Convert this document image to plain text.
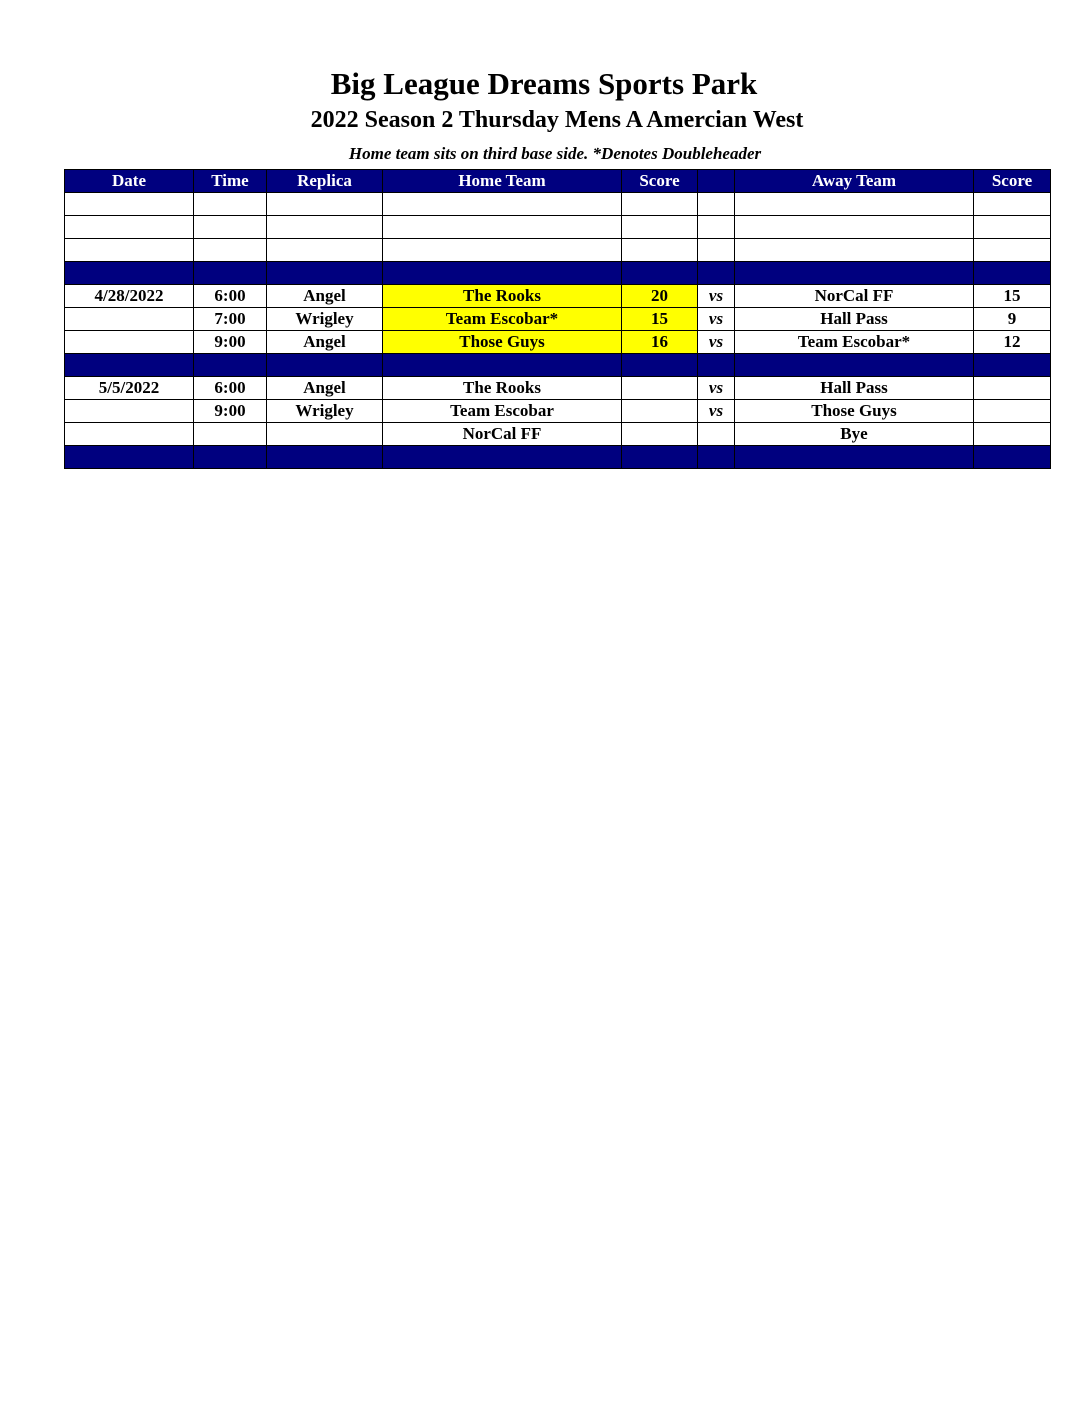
Big League Dreams Sports Park
2022 Season 2 Thursday Mens A Amercian West
Home team sits on third base side. *Denotes Doubleheader
Date	Time	Replica	Home Team	Score		Away Team	Score

4/28/2022	6:00	Angel	The Rooks	20	vs	NorCal FF	15
	7:00	Wrigley	Team Escobar*	15	vs	Hall Pass	9
	9:00	Angel	Those Guys	16	vs	Team Escobar*	12

5/5/2022	6:00	Angel	The Rooks		vs	Hall Pass	
	9:00	Wrigley	Team Escobar		vs	Those Guys	
			NorCal FF			Bye	
